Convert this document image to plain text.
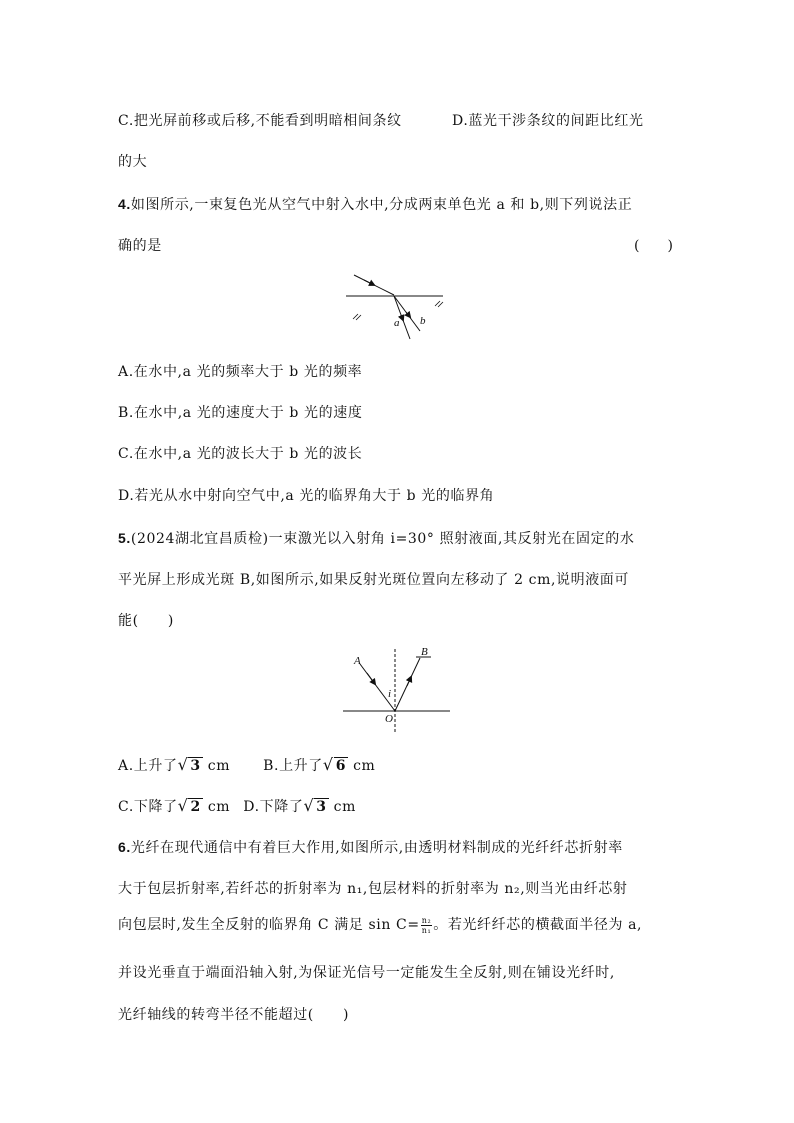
C.把光屏前移或后移,不能看到明暗相间条纹	D.蓝光干涉条纹的间距比红光
的大
4.如图所示,一束复色光从空气中射入水中,分成两束单色光 a 和 b,则下列说法正
确的是	(　　)
a b
A.在水中,a 光的频率大于 b 光的频率
B.在水中,a 光的速度大于 b 光的速度
C.在水中,a 光的波长大于 b 光的波长
D.若光从水中射向空气中,a 光的临界角大于 b 光的临界角
5.(2024湖北宜昌质检)一束激光以入射角 i=30° 照射液面,其反射光在固定的水
平光屏上形成光斑 B,如图所示,如果反射光斑位置向左移动了 2 cm,说明液面可
能(　　)
A
B
i
O
A.上升了√ 3 cm B.上升了√ 6 cm
C.下降了√ 2 cm D.下降了√ 3 cm
6.光纤在现代通信中有着巨大作用,如图所示,由透明材料制成的光纤纤芯折射率
大于包层折射率,若纤芯的折射率为 n₁,包层材料的折射率为 n₂,则当光由纤芯射
向包层时,发生全反射的临界角 C 满足 $\sin C= \frac{\text{n₂}}{\text{n₁}}$ 。若光纤纤芯的横截面半径为 a,
并设光垂直于端面沿轴入射,为保证光信号一定能发生全反射,则在铺设光纤时,
光纤轴线的转弯半径不能超过(　　)
